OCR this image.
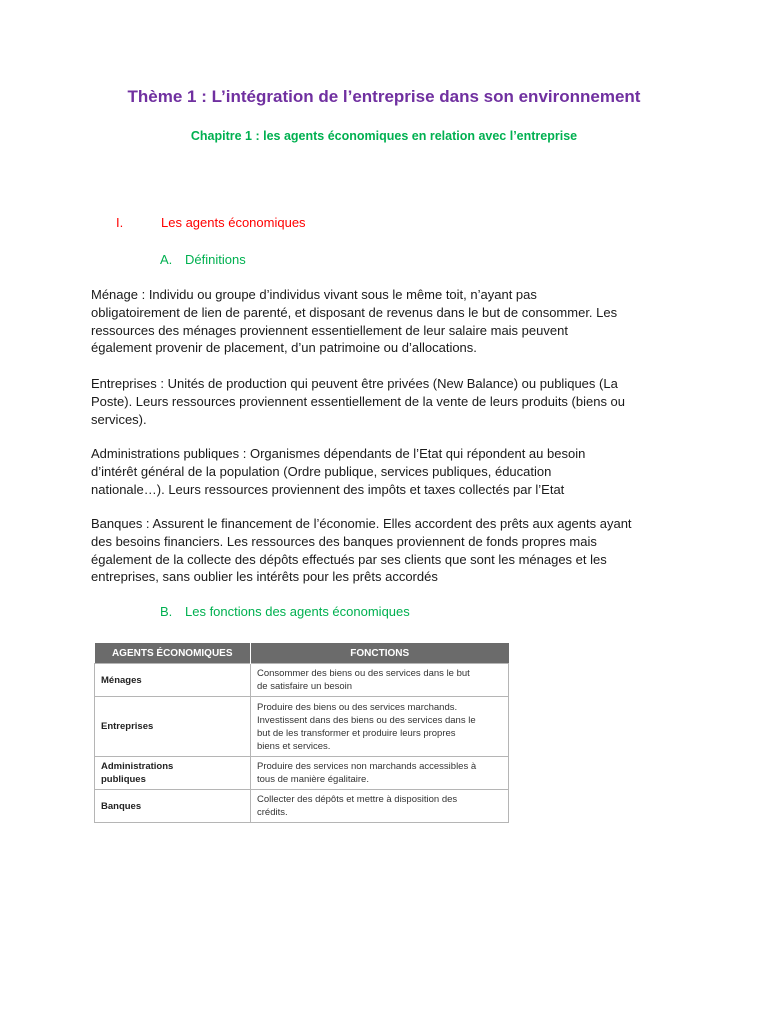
Thème 1 : L’intégration de l’entreprise dans son environnement
Chapitre 1 : les agents économiques en relation avec l’entreprise
I.	Les agents économiques
A. Définitions
Ménage : Individu ou groupe d’individus vivant sous le même toit, n’ayant pas
obligatoirement de lien de parenté, et disposant de revenus dans le but de consommer. Les
ressources des ménages proviennent essentiellement de leur salaire mais peuvent
également provenir de placement, d’un patrimoine ou d’allocations.
Entreprises : Unités de production qui peuvent être privées (New Balance) ou publiques (La
Poste). Leurs ressources proviennent essentiellement de la vente de leurs produits (biens ou
services).
Administrations publiques : Organismes dépendants de l’Etat qui répondent au besoin
d’intérêt général de la population (Ordre publique, services publiques, éducation
nationale…). Leurs ressources proviennent des impôts et taxes collectés par l’Etat
Banques : Assurent le financement de l’économie. Elles accordent des prêts aux agents ayant
des besoins financiers. Les ressources des banques proviennent de fonds propres mais
également de la collecte des dépôts effectués par ses clients que sont les ménages et les
entreprises, sans oublier les intérêts pour les prêts accordés
B. Les fonctions des agents économiques
AGENTS ÉCONOMIQUES	FONCTIONS
Ménages	Consommer des biens ou des services dans le but
de satisfaire un besoin

Entreprises	Produire des biens ou des services marchands.
Investissent dans des biens ou des services dans le
but de les transformer et produire leurs propres
biens et services.

Administrations
publiques	Produire des services non marchands accessibles à
tous de manière égalitaire.

Banques	Collecter des dépôts et mettre à disposition des
crédits.
